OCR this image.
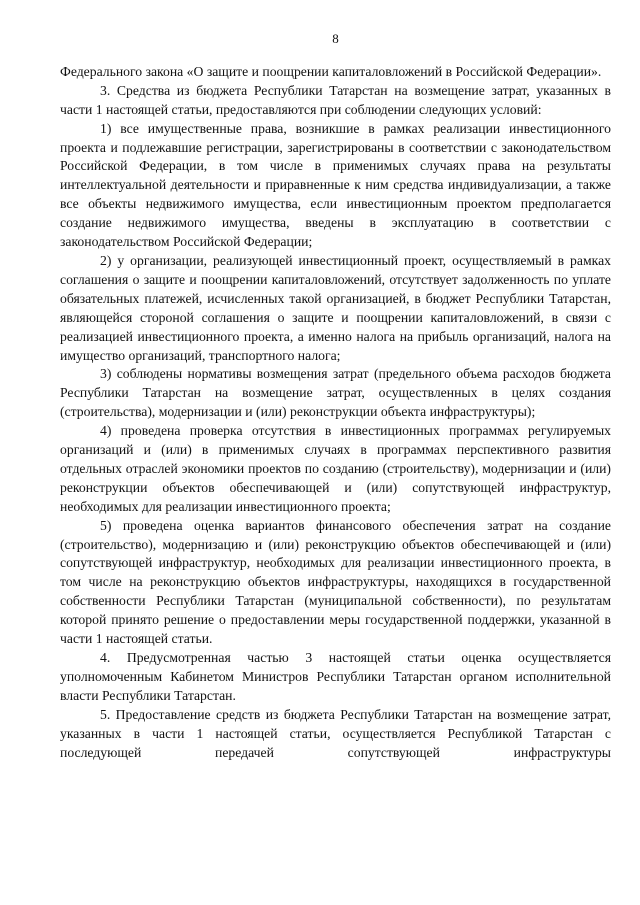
8

Федерального закона «О защите и поощрении капиталовложений в Российской Федерации».

3. Средства из бюджета Республики Татарстан на возмещение затрат, указанных в части 1 настоящей статьи, предоставляются при соблюдении следующих условий:

1) все имущественные права, возникшие в рамках реализации инвестиционного проекта и подлежавшие регистрации, зарегистрированы в соответствии с законодательством Российской Федерации, в том числе в применимых случаях права на результаты интеллектуальной деятельности и приравненные к ним средства индивидуализации, а также все объекты недвижимого имущества, если инвестиционным проектом предполагается создание недвижимого имущества, введены в эксплуатацию в соответствии с законодательством Российской Федерации;

2) у организации, реализующей инвестиционный проект, осуществляемый в рамках соглашения о защите и поощрении капиталовложений, отсутствует задолженность по уплате обязательных платежей, исчисленных такой организацией, в бюджет Республики Татарстан, являющейся стороной соглашения о защите и поощрении капиталовложений, в связи с реализацией инвестиционного проекта, а именно налога на прибыль организаций, налога на имущество организаций, транспортного налога;

3) соблюдены нормативы возмещения затрат (предельного объема расходов бюджета Республики Татарстан на возмещение затрат, осуществленных в целях создания (строительства), модернизации и (или) реконструкции объекта инфраструктуры);

4) проведена проверка отсутствия в инвестиционных программах регулируемых организаций и (или) в применимых случаях в программах перспективного развития отдельных отраслей экономики проектов по созданию (строительству), модернизации и (или) реконструкции объектов обеспечивающей и (или) сопутствующей инфраструктур, необходимых для реализации инвестиционного проекта;

5) проведена оценка вариантов финансового обеспечения затрат на создание (строительство), модернизацию и (или) реконструкцию объектов обеспечивающей и (или) сопутствующей инфраструктур, необходимых для реализации инвестиционного проекта, в том числе на реконструкцию объектов инфраструктуры, находящихся в государственной собственности Республики Татарстан (муниципальной собственности), по результатам которой принято решение о предоставлении меры государственной поддержки, указанной в части 1 настоящей статьи.

4. Предусмотренная частью 3 настоящей статьи оценка осуществляется уполномоченным Кабинетом Министров Республики Татарстан органом исполнительной власти Республики Татарстан.

5. Предоставление средств из бюджета Республики Татарстан на возмещение затрат, указанных в части 1 настоящей статьи, осуществляется Республикой Татарстан с последующей передачей сопутствующей инфраструктуры
